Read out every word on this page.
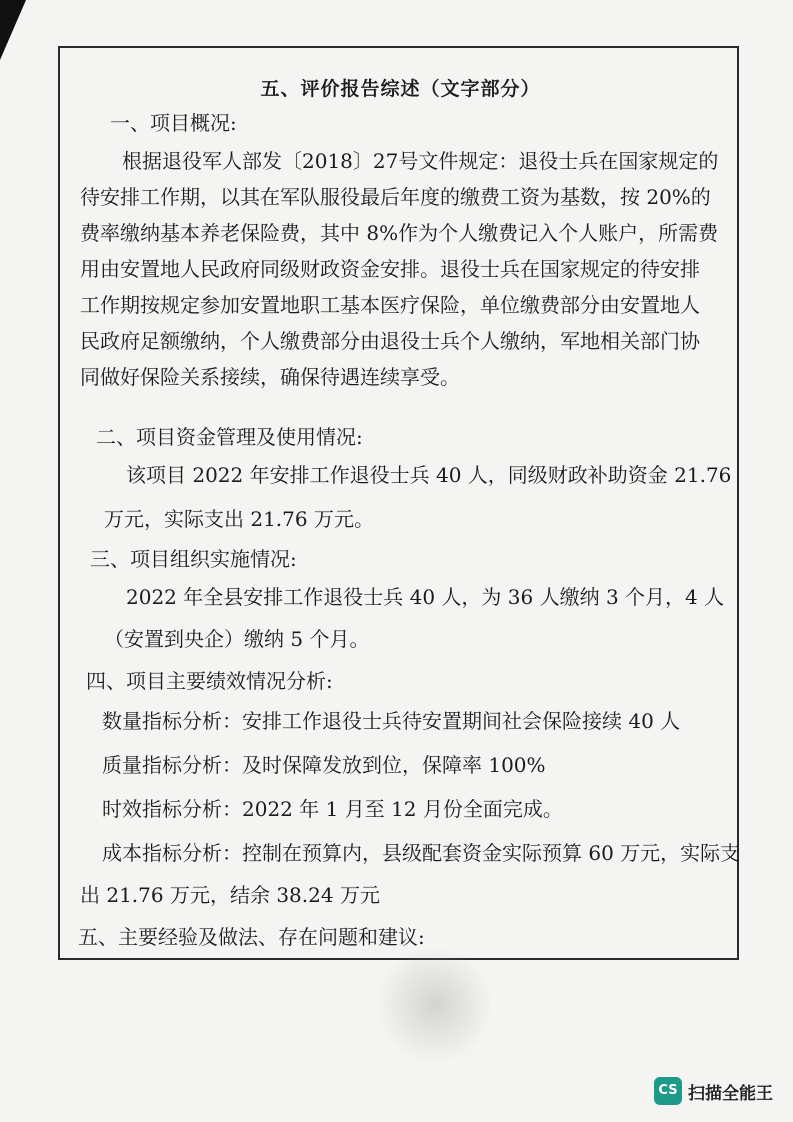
五、评价报告综述（文字部分）
一、项目概况:
根据退役军人部发〔2018〕27号文件规定：退役士兵在国家规定的
待安排工作期，以其在军队服役最后年度的缴费工资为基数，按 20%的
费率缴纳基本养老保险费，其中 8%作为个人缴费记入个人账户，所需费
用由安置地人民政府同级财政资金安排。退役士兵在国家规定的待安排
工作期按规定参加安置地职工基本医疗保险，单位缴费部分由安置地人
民政府足额缴纳，个人缴费部分由退役士兵个人缴纳，军地相关部门协
同做好保险关系接续，确保待遇连续享受。
二、项目资金管理及使用情况:
该项目 2022 年安排工作退役士兵 40 人，同级财政补助资金 21.76
万元，实际支出 21.76 万元。
三、项目组织实施情况:
2022 年全县安排工作退役士兵 40 人，为 36 人缴纳 3 个月，4 人
（安置到央企）缴纳 5 个月。
四、项目主要绩效情况分析:
数量指标分析：安排工作退役士兵待安置期间社会保险接续 40 人
质量指标分析：及时保障发放到位，保障率 100%
时效指标分析：2022 年 1 月至 12 月份全面完成。
成本指标分析：控制在预算内，县级配套资金实际预算 60 万元，实际支
出 21.76 万元，结余 38.24 万元
五、主要经验及做法、存在问题和建议:
CS 扫描全能王
